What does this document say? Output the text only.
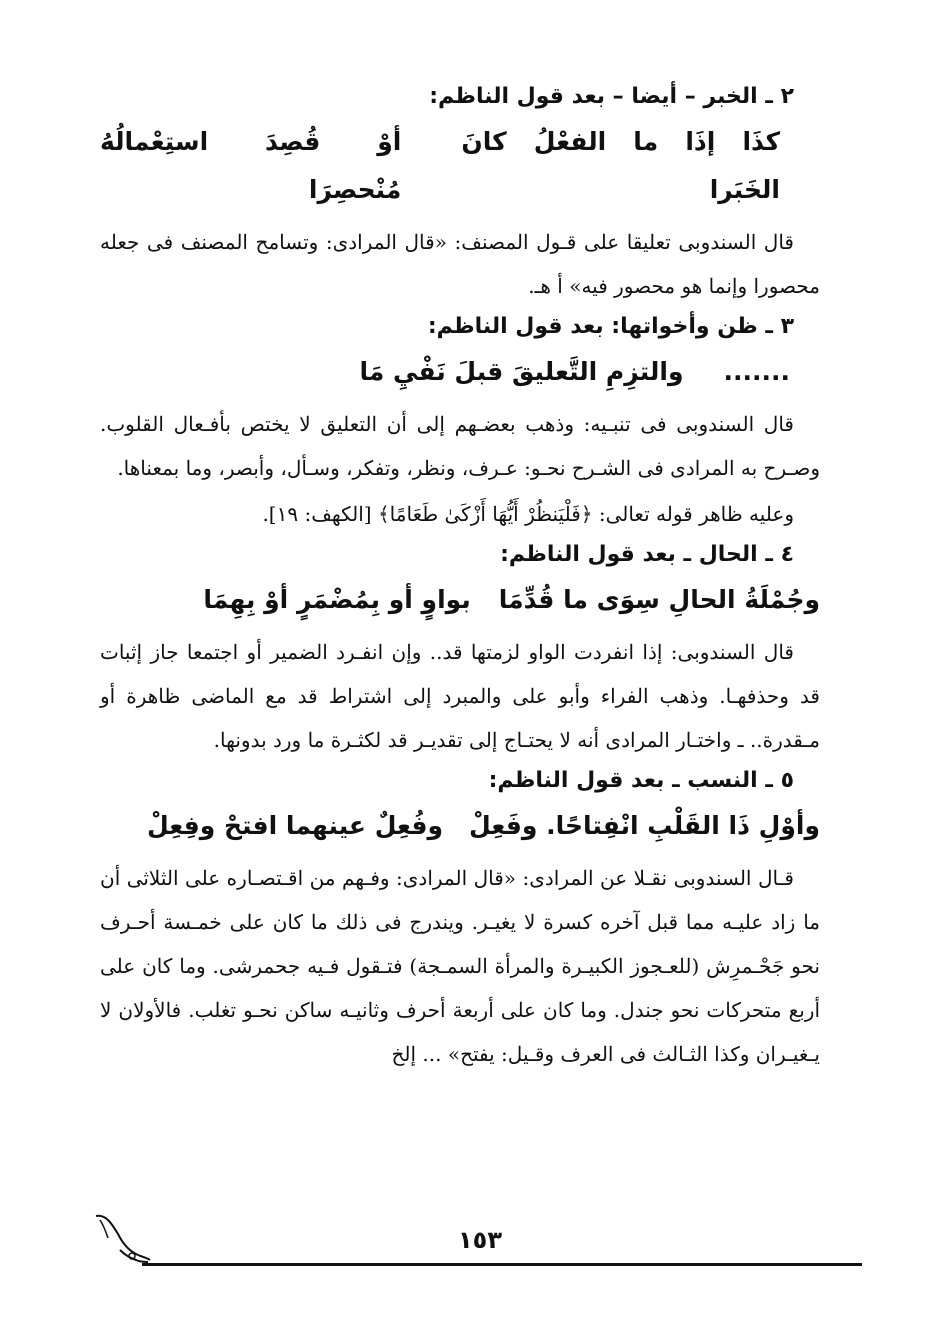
٢ ـ الخبر – أيضا – بعد قول الناظم:
كذَا إذَا ما الفعْلُ كانَ الخَبَرا
أوْ قُصِدَ استِعْمالُهُ مُنْحصِرَا
قال السندوبى تعليقا على قـول المصنف: «قال المرادى: وتسامح المصنف فى جعله محصورا وإنما هو محصور فيه» أ هـ.
٣ ـ ظن وأخواتها: بعد قول الناظم:
.......
والتزِمِ التَّعليقَ قبلَ نَفْيِ مَا
قال السندوبى فى تنبـيه: وذهب بعضـهم إلى أن التعليق لا يختص بأفـعال القلوب. وصـرح به المرادى فى الشـرح نحـو: عـرف، ونظر، وتفكر، وسـأل، وأبصر، وما بمعناها.
وعليه ظاهر قوله تعالى: ﴿فَلْيَنظُرْ أَيُّهَا أَزْكَىٰ طَعَامًا﴾ [الكهف: ١٩].
٤ ـ الحال ـ بعد قول الناظم:
وجُمْلَةُ الحالِ سِوَى ما قُدِّمَا
بواوٍ أو بِمُضْمَرٍ أوْ بِهِمَا
قال السندوبى: إذا انفردت الواو لزمتها قد.. وإن انفـرد الضمير أو اجتمعا جاز إثبات قد وحذفهـا. وذهب الفراء وأبو على والمبرد إلى اشتراط قد مع الماضى ظاهرة أو مـقدرة.. ـ واختـار المرادى أنه لا يحتـاج إلى تقديـر قد لكثـرة ما ورد بدونها.
٥ ـ النسب ـ بعد قول الناظم:
وأوْلِ ذَا القَلْبِ انْفِتاحًا. وفَعِلْ
وفُعِلٌ عينهما افتحْ وفِعِلْ
قـال السندوبى نقـلا عن المرادى: «قال المرادى: وفـهم من اقـتصـاره على الثلاثى أن ما زاد عليـه مما قبل آخره كسرة لا يغيـر. ويندرج فى ذلك ما كان على خمـسة أحـرف نحو جَحْـمرِش (للعـجوز الكبيـرة والمرأة السمـجة) فتـقول فـيه جحمرشى. وما كان على أربع متحركات نحو جندل. وما كان على أربعة أحرف وثانيـه ساكن نحـو تغلب. فالأولان لا يـغيـران وكذا الثـالث فى العرف وقـيل: يفتح» ... إلخ
١٥٣
